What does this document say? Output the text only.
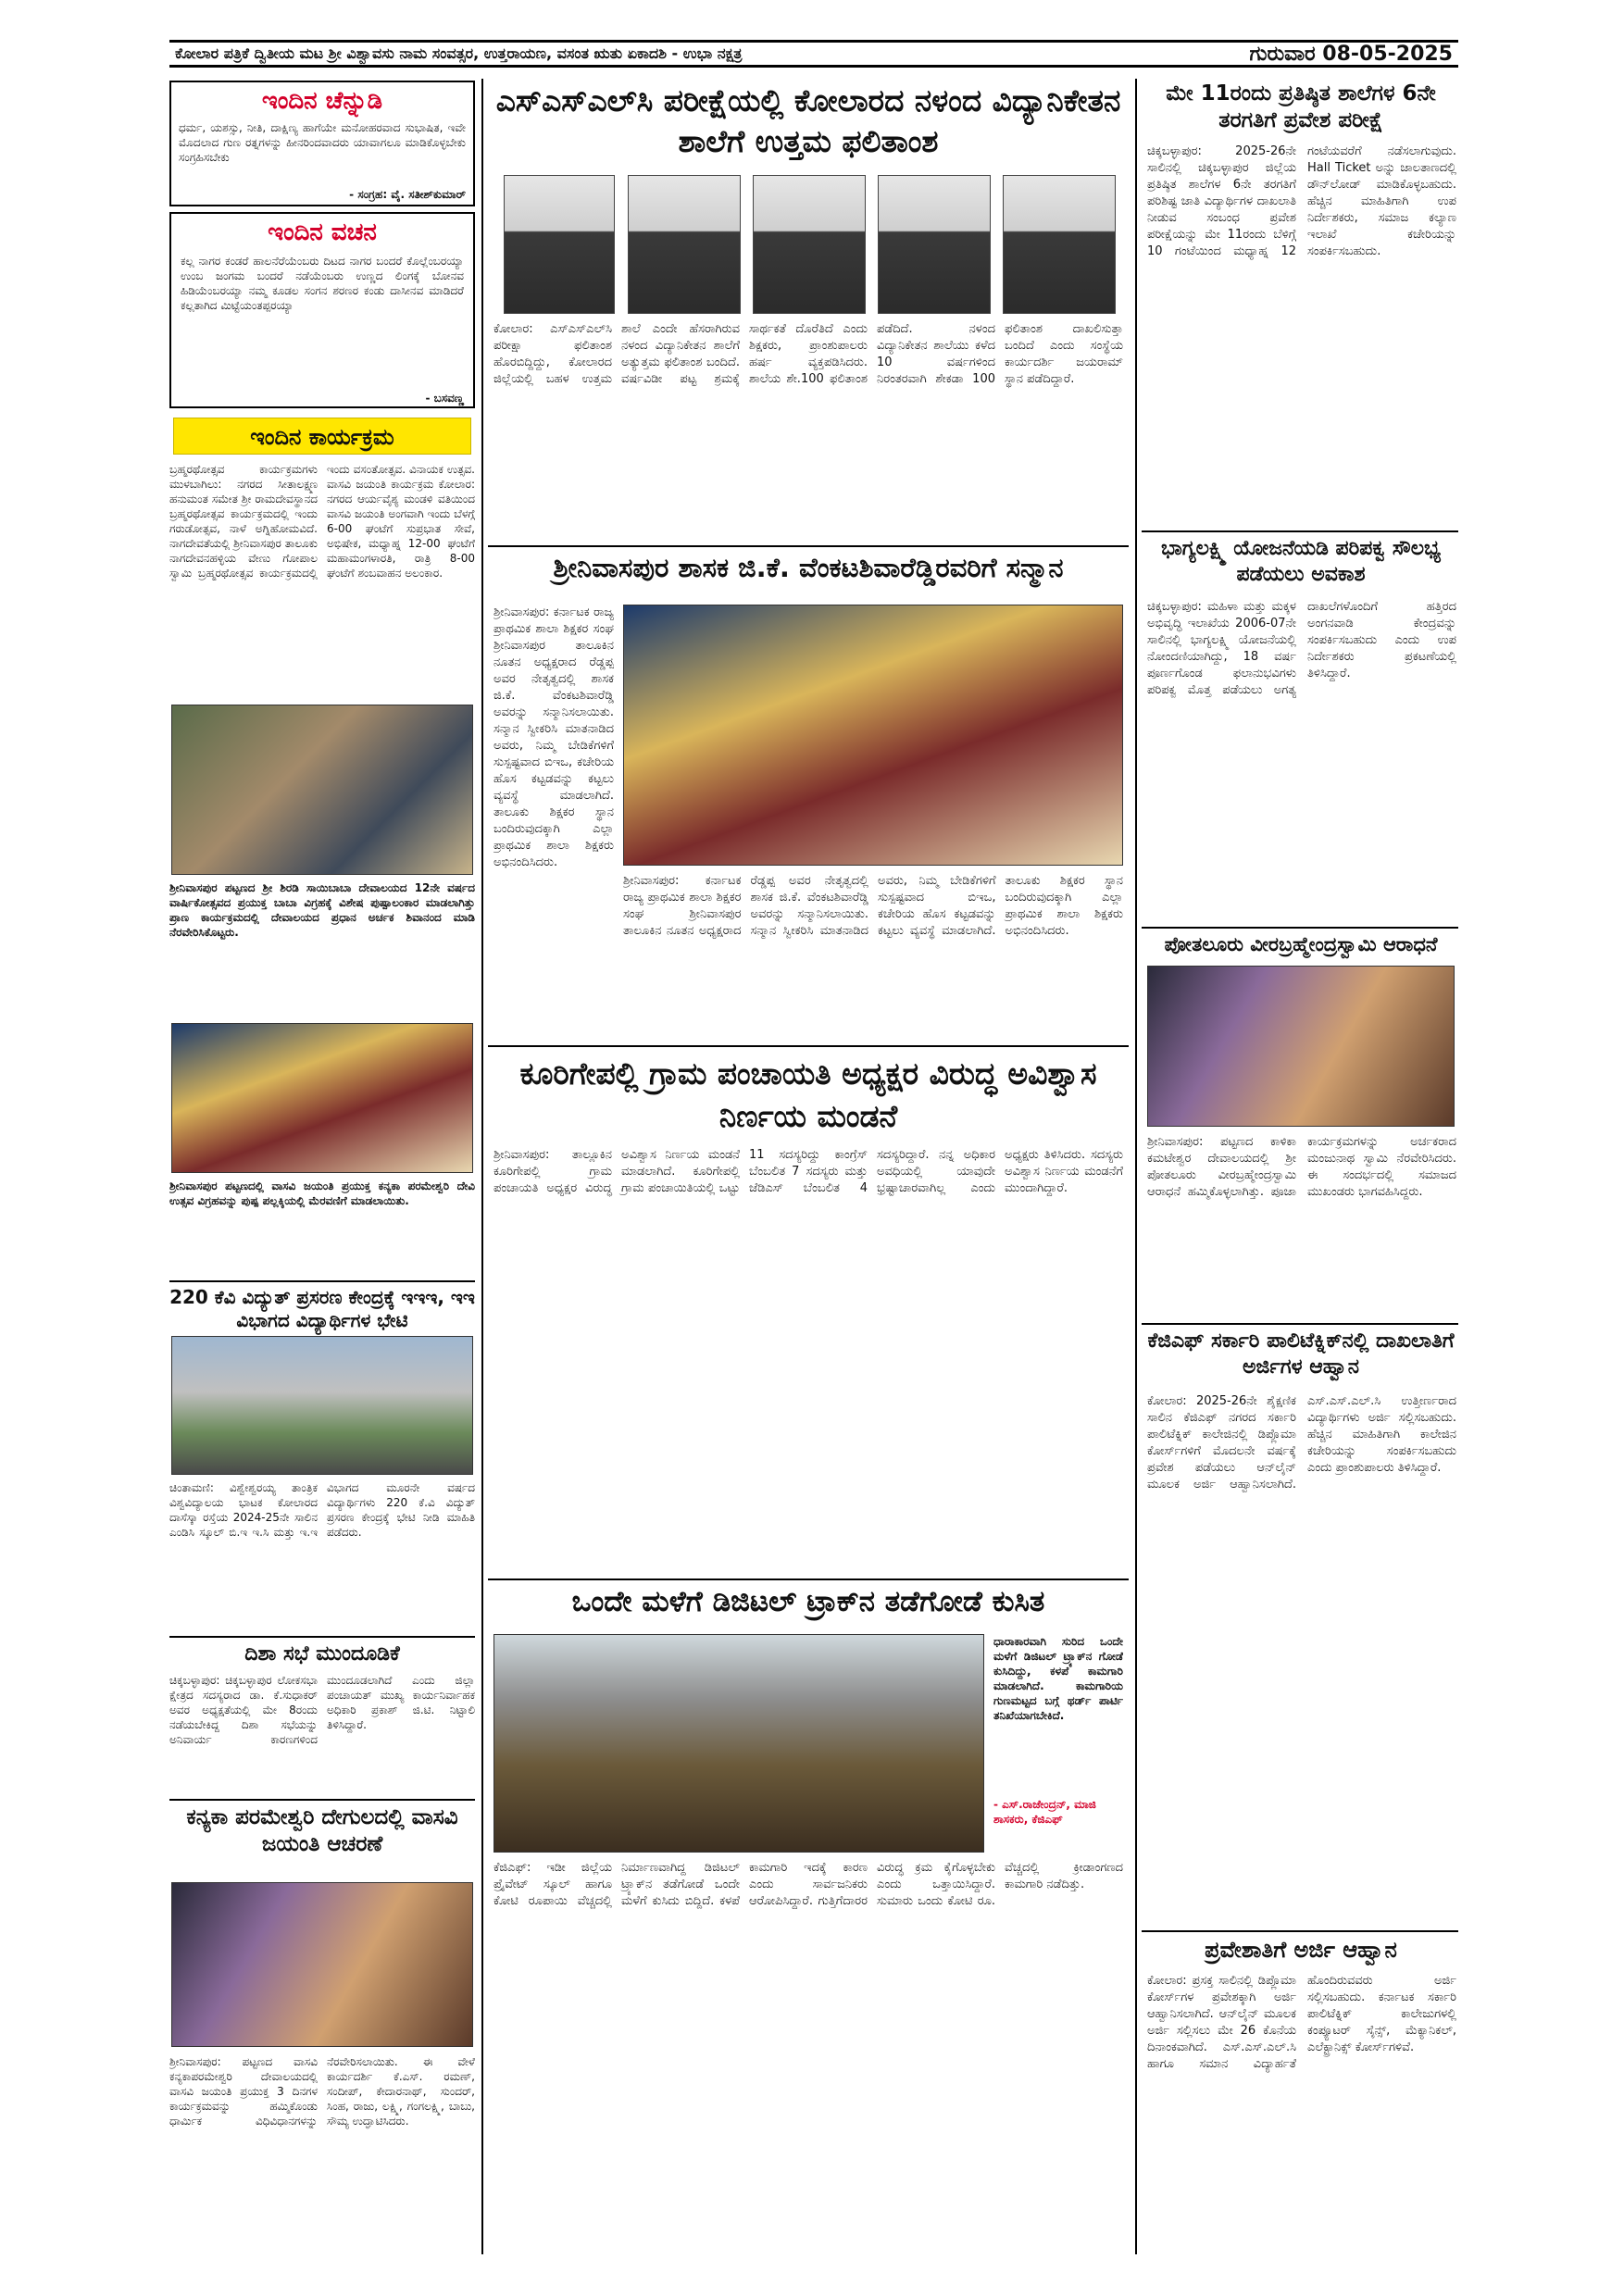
ಕೋಲಾರ ಪತ್ರಿಕೆ ದ್ವಿತೀಯ ಮಟ ಶ್ರೀ ವಿಶ್ವಾವಸು ನಾಮ ಸಂವತ್ಸರ, ಉತ್ತರಾಯಣ, ವಸಂತ ಋತು ಏಕಾದಶಿ - ಉಭಾ ನಕ್ಷತ್ರ	ಗುರುವಾರ 08-05-2025
ಇಂದಿನ ಚೆನ್ನುಡಿ
ಧರ್ಮ, ಯಶಸ್ಸು, ನೀತಿ, ದಾಕ್ಷಿಣ್ಯ ಹಾಗೆಯೇ ಮನೋಹರವಾದ ಸುಭಾಷಿತ, ಇವೇ ಮೊದಲಾದ ಗುಣ ರತ್ನಗಳನ್ನು ಹೀನರಿಂದವಾದರು ಯಾವಾಗಲೂ ಮಾಡಿಕೊಳ್ಳಬೇಕು ಸಂಗ್ರಹಿಸಬೇಕು
- ಸಂಗ್ರಹ: ವೈ. ಸತೀಶ್‌ಕುಮಾರ್
ಇಂದಿನ ವಚನ
ಕಲ್ಲ ನಾಗರ ಕಂಡರೆ ಹಾಲನೆರೆಯೆಂಬರು ದಿಟದ ನಾಗರ ಬಂದರೆ ಕೊಲ್ಲೆಂಬರಯ್ಯಾ ಉಂಬ ಜಂಗಮ ಬಂದರೆ ನಡೆಯೆಂಬರು ಉಣ್ಣದ ಲಿಂಗಕ್ಕೆ ಬೋನವ ಹಿಡಿಯೆಂಬರಯ್ಯಾ ನಮ್ಮ ಕೂಡಲ ಸಂಗನ ಶರಣರ ಕಂಡು ದಾಸೀನವ ಮಾಡಿದರೆ ಕಲ್ಲತಾಗಿದ ಮಿಟ್ಟೆಯಂತಪ್ಪರಯ್ಯಾ
- ಬಸವಣ್ಣ
ಇಂದಿನ ಕಾರ್ಯಕ್ರಮ
ಬ್ರಹ್ಮರಥೋತ್ಸವ ಕಾರ್ಯಕ್ರಮಗಳು ಮುಳಬಾಗಿಲು: ನಗರದ ಸೀತಾಲಕ್ಷ್ಮಣ ಹನುಮಂತ ಸಮೇತ ಶ್ರೀ ರಾಮದೇವಸ್ಥಾನದ ಬ್ರಹ್ಮರಥೋತ್ಸವ ಕಾರ್ಯಕ್ರಮದಲ್ಲಿ ಇಂದು ಗರುಡೋತ್ಸವ, ನಾಳೆ ಅಗ್ನಿಹೋಮವಿದೆ. ನಾಗದೇವತೆಯಲ್ಲಿ ಶ್ರೀನಿವಾಸಪುರ ತಾಲೂಕು ನಾಗದೇವನಹಳ್ಳಿಯ ವೇಣು ಗೋಪಾಲ ಸ್ವಾಮಿ ಬ್ರಹ್ಮರಥೋತ್ಸವ ಕಾರ್ಯಕ್ರಮದಲ್ಲಿ ಇಂದು ವಸಂತೋತ್ಸವ. ವಿನಾಯಕ ಉತ್ಸವ. ವಾಸವಿ ಜಯಂತಿ ಕಾರ್ಯಕ್ರಮ ಕೋಲಾರ: ನಗರದ ಆರ್ಯವೈಶ್ಯ ಮಂಡಳಿ ವತಿಯಿಂದ ವಾಸವಿ ಜಯಂತಿ ಅಂಗವಾಗಿ ಇಂದು ಬೆಳಗ್ಗೆ 6-00 ಘಂಟೆಗೆ ಸುಪ್ರಭಾತ ಸೇವೆ, ಅಭಿಷೇಕ, ಮಧ್ಯಾಹ್ನ 12-00 ಘಂಟೆಗೆ ಮಹಾಮಂಗಳಾರತಿ, ರಾತ್ರಿ 8-00 ಘಂಟೆಗೆ ಶಂಬವಾಹನ ಅಲಂಕಾರ.
ಶ್ರೀನಿವಾಸಪುರ ಪಟ್ಟಣದ ಶ್ರೀ ಶಿರಡಿ ಸಾಯಿಬಾಬಾ ದೇವಾಲಯದ 12ನೇ ವರ್ಷದ ವಾರ್ಷಿಕೋತ್ಸವದ ಪ್ರಯುಕ್ತ ಬಾಬಾ ವಿಗ್ರಹಕ್ಕೆ ವಿಶೇಷ ಪುಷ್ಪಾಲಂಕಾರ ಮಾಡಲಾಗಿತ್ತು ಪ್ರಾಣ ಕಾರ್ಯಕ್ರಮದಲ್ಲಿ ದೇವಾಲಯದ ಪ್ರಧಾನ ಅರ್ಚಕ ಶಿವಾನಂದ ಮಾಡಿ ನೆರವೇರಿಸಿಕೊಟ್ಟರು.
ಶ್ರೀನಿವಾಸಪುರ ಪಟ್ಟಣದಲ್ಲಿ ವಾಸವಿ ಜಯಂತಿ ಪ್ರಯುಕ್ತ ಕನ್ಯಕಾ ಪರಮೇಶ್ವರಿ ದೇವಿ ಉತ್ಸವ ವಿಗ್ರಹವನ್ನು ಪುಷ್ಪ ಪಲ್ಲಕ್ಕಿಯಲ್ಲಿ ಮೆರವಣಿಗೆ ಮಾಡಲಾಯಿತು.
220 ಕೆವಿ ವಿದ್ಯುತ್ ಪ್ರಸರಣ ಕೇಂದ್ರಕ್ಕೆ ಇಇಇ, ಇಇ ವಿಭಾಗದ ವಿದ್ಯಾರ್ಥಿಗಳ ಭೇಟಿ
ಚಿಂತಾಮಣಿ: ವಿಶ್ವೇಶ್ವರಯ್ಯ ತಾಂತ್ರಿಕ ವಿಶ್ವವಿದ್ಯಾಲಯ ಭಾಟಕ ಕೋಲಾರದ ದಾಸೆಸ್ಕಾ ರಸ್ತೆಯ 2024-25ನೇ ಸಾಲಿನ ಎಂಡಿಸಿ ಸ್ಕೂಲ್ ಬಿ.ಇ ಇ.ಸಿ ಮತ್ತು ಇ.ಇ ವಿಭಾಗದ ಮೂರನೇ ವರ್ಷದ ವಿದ್ಯಾರ್ಥಿಗಳು 220 ಕೆ.ವಿ ವಿದ್ಯುತ್ ಪ್ರಸರಣ ಕೇಂದ್ರಕ್ಕೆ ಭೇಟಿ ನೀಡಿ ಮಾಹಿತಿ ಪಡೆದರು.
ದಿಶಾ ಸಭೆ ಮುಂದೂಡಿಕೆ
ಚಿಕ್ಕಬಳ್ಳಾಪುರ: ಚಿಕ್ಕಬಳ್ಳಾಪುರ ಲೋಕಸಭಾ ಕ್ಷೇತ್ರದ ಸದಸ್ಯರಾದ ಡಾ. ಕೆ.ಸುಧಾಕರ್ ಅವರ ಅಧ್ಯಕ್ಷತೆಯಲ್ಲಿ ಮೇ 8ರಂದು ನಡೆಯಬೇಕಿದ್ದ ದಿಶಾ ಸಭೆಯನ್ನು ಅನಿವಾರ್ಯ ಕಾರಣಗಳಿಂದ ಮುಂದೂಡಲಾಗಿದೆ ಎಂದು ಜಿಲ್ಲಾ ಪಂಚಾಯತ್ ಮುಖ್ಯ ಕಾರ್ಯನಿರ್ವಾಹಕ ಅಧಿಕಾರಿ ಪ್ರಕಾಶ್ ಜಿ.ಟಿ. ನಿಟ್ಟಾಲಿ ತಿಳಿಸಿದ್ದಾರೆ.
ಕನ್ಯಕಾ ಪರಮೇಶ್ವರಿ ದೇಗುಲದಲ್ಲಿ ವಾಸವಿ ಜಯಂತಿ ಆಚರಣೆ
ಶ್ರೀನಿವಾಸಪುರ: ಪಟ್ಟಣದ ವಾಸವಿ ಕನ್ಯಕಾಪರಮೇಶ್ವರಿ ದೇವಾಲಯದಲ್ಲಿ ವಾಸವಿ ಜಯಂತಿ ಪ್ರಯುಕ್ತ 3 ದಿನಗಳ ಕಾರ್ಯಕ್ರಮವನ್ನು ಹಮ್ಮಿಕೊಂಡು ಧಾರ್ಮಿಕ ವಿಧಿವಿಧಾನಗಳನ್ನು ನೆರವೇರಿಸಲಾಯಿತು. ಈ ವೇಳೆ ಕಾರ್ಯದರ್ಶಿ ಕೆ.ಎಸ್. ರಮಣ್, ಸಂದೀಪ್, ಕೇದಾರನಾಥ್, ಸುಂದರ್, ಸಿಂಹ, ರಾಜು, ಲಕ್ಷ್ಮಿ, ಗಂಗಲಕ್ಷ್ಮಿ, ಬಾಬು, ಸೌಮ್ಯ ಉದ್ಘಾಟಿಸಿದರು.
ಎಸ್‌ಎಸ್‌ಎಲ್‌ಸಿ ಪರೀಕ್ಷೆಯಲ್ಲಿ ಕೋಲಾರದ ನಳಂದ ವಿದ್ಯಾನಿಕೇತನ ಶಾಲೆಗೆ ಉತ್ತಮ ಫಲಿತಾಂಶ
ಕೋಲಾರ: ಎಸ್‌ಎಸ್‌ಎಲ್‌ಸಿ ಪರೀಕ್ಷಾ ಫಲಿತಾಂಶ ಹೊರಬಿದ್ದಿದ್ದು, ಕೋಲಾರದ ಜಿಲ್ಲೆಯಲ್ಲಿ ಬಹಳ ಉತ್ತಮ ಶಾಲೆ ಎಂದೇ ಹೆಸರಾಗಿರುವ ನಳಂದ ವಿದ್ಯಾನಿಕೇತನ ಶಾಲೆಗೆ ಅತ್ಯುತ್ತಮ ಫಲಿತಾಂಶ ಬಂದಿದೆ. ವರ್ಷವಿಡೀ ಪಟ್ಟ ಶ್ರಮಕ್ಕೆ ಸಾರ್ಥಕತೆ ದೊರೆತಿದೆ ಎಂದು ಶಿಕ್ಷಕರು, ಪ್ರಾಂಶುಪಾಲರು ಹರ್ಷ ವ್ಯಕ್ತಪಡಿಸಿದರು. ಶಾಲೆಯ ಶೇ.100 ಫಲಿತಾಂಶ ಪಡೆದಿದೆ. ನಳಂದ ವಿದ್ಯಾನಿಕೇತನ ಶಾಲೆಯು ಕಳೆದ 10 ವರ್ಷಗಳಿಂದ ನಿರಂತರವಾಗಿ ಶೇಕಡಾ 100 ಫಲಿತಾಂಶ ದಾಖಲಿಸುತ್ತಾ ಬಂದಿದೆ ಎಂದು ಸಂಸ್ಥೆಯ ಕಾರ್ಯದರ್ಶಿ ಜಯರಾಮ್ ಸ್ಥಾನ ಪಡೆದಿದ್ದಾರೆ.
ಶ್ರೀನಿವಾಸಪುರ ಶಾಸಕ ಜಿ.ಕೆ. ವೆಂಕಟಶಿವಾರೆಡ್ಡಿರವರಿಗೆ ಸನ್ಮಾನ
ಶ್ರೀನಿವಾಸಪುರ: ಕರ್ನಾಟಕ ರಾಜ್ಯ ಪ್ರಾಥಮಿಕ ಶಾಲಾ ಶಿಕ್ಷಕರ ಸಂಘ ಶ್ರೀನಿವಾಸಪುರ ತಾಲೂಕಿನ ನೂತನ ಅಧ್ಯಕ್ಷರಾದ ರೆಡ್ಡಪ್ಪ ಅವರ ನೇತೃತ್ವದಲ್ಲಿ ಶಾಸಕ ಜಿ.ಕೆ. ವೆಂಕಟಶಿವಾರೆಡ್ಡಿ ಅವರನ್ನು ಸನ್ಮಾನಿಸಲಾಯಿತು. ಸನ್ಮಾನ ಸ್ವೀಕರಿಸಿ ಮಾತನಾಡಿದ ಅವರು, ನಿಮ್ಮ ಬೇಡಿಕೆಗಳಿಗೆ ಸುಸ್ಪಷ್ಟವಾದ ಬಿಇಒ, ಕಚೇರಿಯ ಹೊಸ ಕಟ್ಟಡವನ್ನು ಕಟ್ಟಲು ವ್ಯವಸ್ಥೆ ಮಾಡಲಾಗಿದೆ. ತಾಲೂಕು ಶಿಕ್ಷಕರ ಸ್ಥಾನ ಬಂದಿರುವುದಕ್ಕಾಗಿ ಎಲ್ಲಾ ಪ್ರಾಥಮಿಕ ಶಾಲಾ ಶಿಕ್ಷಕರು ಅಭಿನಂದಿಸಿದರು.
ಶ್ರೀನಿವಾಸಪುರ: ಕರ್ನಾಟಕ ರಾಜ್ಯ ಪ್ರಾಥಮಿಕ ಶಾಲಾ ಶಿಕ್ಷಕರ ಸಂಘ ಶ್ರೀನಿವಾಸಪುರ ತಾಲೂಕಿನ ನೂತನ ಅಧ್ಯಕ್ಷರಾದ ರೆಡ್ಡಪ್ಪ ಅವರ ನೇತೃತ್ವದಲ್ಲಿ ಶಾಸಕ ಜಿ.ಕೆ. ವೆಂಕಟಶಿವಾರೆಡ್ಡಿ ಅವರನ್ನು ಸನ್ಮಾನಿಸಲಾಯಿತು. ಸನ್ಮಾನ ಸ್ವೀಕರಿಸಿ ಮಾತನಾಡಿದ ಅವರು, ನಿಮ್ಮ ಬೇಡಿಕೆಗಳಿಗೆ ಸುಸ್ಪಷ್ಟವಾದ ಬಿಇಒ, ಕಚೇರಿಯ ಹೊಸ ಕಟ್ಟಡವನ್ನು ಕಟ್ಟಲು ವ್ಯವಸ್ಥೆ ಮಾಡಲಾಗಿದೆ. ತಾಲೂಕು ಶಿಕ್ಷಕರ ಸ್ಥಾನ ಬಂದಿರುವುದಕ್ಕಾಗಿ ಎಲ್ಲಾ ಪ್ರಾಥಮಿಕ ಶಾಲಾ ಶಿಕ್ಷಕರು ಅಭಿನಂದಿಸಿದರು.
ಕೂರಿಗೇಪಲ್ಲಿ ಗ್ರಾಮ ಪಂಚಾಯತಿ ಅಧ್ಯಕ್ಷರ ವಿರುದ್ಧ ಅವಿಶ್ವಾಸ ನಿರ್ಣಯ ಮಂಡನೆ
ಶ್ರೀನಿವಾಸಪುರ: ತಾಲ್ಲೂಕಿನ ಕೂರಿಗೇಪಲ್ಲಿ ಗ್ರಾಮ ಪಂಚಾಯತಿ ಅಧ್ಯಕ್ಷರ ವಿರುದ್ಧ ಅವಿಶ್ವಾಸ ನಿರ್ಣಯ ಮಂಡನೆ ಮಾಡಲಾಗಿದೆ. ಕೂರಿಗೇಪಲ್ಲಿ ಗ್ರಾಮ ಪಂಚಾಯಿತಿಯಲ್ಲಿ ಒಟ್ಟು 11 ಸದಸ್ಯರಿದ್ದು ಕಾಂಗ್ರೆಸ್ ಬೆಂಬಲಿತ 7 ಸದಸ್ಯರು ಮತ್ತು ಜೆಡಿಎಸ್ ಬೆಂಬಲಿತ 4 ಸದಸ್ಯರಿದ್ದಾರೆ. ನನ್ನ ಅಧಿಕಾರ ಅವಧಿಯಲ್ಲಿ ಯಾವುದೇ ಭ್ರಷ್ಟಾಚಾರವಾಗಿಲ್ಲ ಎಂದು ಅಧ್ಯಕ್ಷರು ತಿಳಿಸಿದರು. ಸದಸ್ಯರು ಅವಿಶ್ವಾಸ ನಿರ್ಣಯ ಮಂಡನೆಗೆ ಮುಂದಾಗಿದ್ದಾರೆ.
ಒಂದೇ ಮಳೆಗೆ ಡಿಜಿಟಲ್ ಟ್ರಾಕ್‌ನ ತಡೆಗೋಡೆ ಕುಸಿತ
ಧಾರಾಕಾರವಾಗಿ ಸುರಿದ ಒಂದೇ ಮಳೆಗೆ ಡಿಜಿಟಲ್ ಟ್ರ್ಯಾಕ್‌ನ ಗೋಡೆ ಕುಸಿದಿದ್ದು, ಕಳಪೆ ಕಾಮಗಾರಿ ಮಾಡಲಾಗಿದೆ. ಕಾಮಗಾರಿಯ ಗುಣಮಟ್ಟದ ಬಗ್ಗೆ ಥರ್ಡ್ ಪಾರ್ಟಿ ತನಿಖೆಯಾಗಬೇಕಿದೆ.
- ಎಸ್.ರಾಜೇಂದ್ರನ್, ಮಾಜಿ ಶಾಸಕರು, ಕೆಜಿಎಫ್
ಕೆಜಿಎಫ್: ಇಡೀ ಜಿಲ್ಲೆಯ ಪ್ರೈವೇಟ್ ಸ್ಕೂಲ್ ಹಾಗೂ ಕೋಟಿ ರೂಪಾಯಿ ವೆಚ್ಚದಲ್ಲಿ ನಿರ್ಮಾಣವಾಗಿದ್ದ ಡಿಜಿಟಲ್ ಟ್ರ್ಯಾಕ್‌ನ ತಡೆಗೋಡೆ ಒಂದೇ ಮಳೆಗೆ ಕುಸಿದು ಬಿದ್ದಿದೆ. ಕಳಪೆ ಕಾಮಗಾರಿ ಇದಕ್ಕೆ ಕಾರಣ ಎಂದು ಸಾರ್ವಜನಿಕರು ಆರೋಪಿಸಿದ್ದಾರೆ. ಗುತ್ತಿಗೆದಾರರ ವಿರುದ್ಧ ಕ್ರಮ ಕೈಗೊಳ್ಳಬೇಕು ಎಂದು ಒತ್ತಾಯಿಸಿದ್ದಾರೆ. ಸುಮಾರು ಒಂದು ಕೋಟಿ ರೂ. ವೆಚ್ಚದಲ್ಲಿ ಕ್ರೀಡಾಂಗಣದ ಕಾಮಗಾರಿ ನಡೆದಿತ್ತು.
ಮೇ 11ರಂದು ಪ್ರತಿಷ್ಠಿತ ಶಾಲೆಗಳ 6ನೇ ತರಗತಿಗೆ ಪ್ರವೇಶ ಪರೀಕ್ಷೆ
ಚಿಕ್ಕಬಳ್ಳಾಪುರ: 2025-26ನೇ ಸಾಲಿನಲ್ಲಿ ಚಿಕ್ಕಬಳ್ಳಾಪುರ ಜಿಲ್ಲೆಯ ಪ್ರತಿಷ್ಠಿತ ಶಾಲೆಗಳ 6ನೇ ತರಗತಿಗೆ ಪರಿಶಿಷ್ಟ ಜಾತಿ ವಿದ್ಯಾರ್ಥಿಗಳ ದಾಖಲಾತಿ ನೀಡುವ ಸಂಬಂಧ ಪ್ರವೇಶ ಪರೀಕ್ಷೆಯನ್ನು ಮೇ 11ರಂದು ಬೆಳಿಗ್ಗೆ 10 ಗಂಟೆಯಿಂದ ಮಧ್ಯಾಹ್ನ 12 ಗಂಟೆಯವರೆಗೆ ನಡೆಸಲಾಗುವುದು. Hall Ticket ಅನ್ನು ಜಾಲತಾಣದಲ್ಲಿ ಡೌನ್‌ಲೋಡ್ ಮಾಡಿಕೊಳ್ಳಬಹುದು. ಹೆಚ್ಚಿನ ಮಾಹಿತಿಗಾಗಿ ಉಪ ನಿರ್ದೇಶಕರು, ಸಮಾಜ ಕಲ್ಯಾಣ ಇಲಾಖೆ ಕಚೇರಿಯನ್ನು ಸಂಪರ್ಕಿಸಬಹುದು.
ಭಾಗ್ಯಲಕ್ಷ್ಮಿ ಯೋಜನೆಯಡಿ ಪರಿಪಕ್ವ ಸೌಲಭ್ಯ ಪಡೆಯಲು ಅವಕಾಶ
ಚಿಕ್ಕಬಳ್ಳಾಪುರ: ಮಹಿಳಾ ಮತ್ತು ಮಕ್ಕಳ ಅಭಿವೃದ್ಧಿ ಇಲಾಖೆಯ 2006-07ನೇ ಸಾಲಿನಲ್ಲಿ ಭಾಗ್ಯಲಕ್ಷ್ಮಿ ಯೋಜನೆಯಲ್ಲಿ ನೋಂದಣಿಯಾಗಿದ್ದು, 18 ವರ್ಷ ಪೂರ್ಣಗೊಂಡ ಫಲಾನುಭವಿಗಳು ಪರಿಪಕ್ವ ಮೊತ್ತ ಪಡೆಯಲು ಅಗತ್ಯ ದಾಖಲೆಗಳೊಂದಿಗೆ ಹತ್ತಿರದ ಅಂಗನವಾಡಿ ಕೇಂದ್ರವನ್ನು ಸಂಪರ್ಕಿಸಬಹುದು ಎಂದು ಉಪ ನಿರ್ದೇಶಕರು ಪ್ರಕಟಣೆಯಲ್ಲಿ ತಿಳಿಸಿದ್ದಾರೆ.
ಪೋತಲೂರು ವೀರಬ್ರಹ್ಮೇಂದ್ರಸ್ವಾಮಿ ಆರಾಧನೆ
ಶ್ರೀನಿವಾಸಪುರ: ಪಟ್ಟಣದ ಕಾಳಿಕಾ ಕಮಟೇಶ್ವರ ದೇವಾಲಯದಲ್ಲಿ ಶ್ರೀ ಪೋತಲೂರು ವೀರಬ್ರಹ್ಮೇಂದ್ರಸ್ವಾಮಿ ಆರಾಧನೆ ಹಮ್ಮಿಕೊಳ್ಳಲಾಗಿತ್ತು. ಪೂಜಾ ಕಾರ್ಯಕ್ರಮಗಳನ್ನು ಅರ್ಚಕರಾದ ಮಂಜುನಾಥ ಸ್ವಾಮಿ ನೆರವೇರಿಸಿದರು. ಈ ಸಂದರ್ಭದಲ್ಲಿ ಸಮಾಜದ ಮುಖಂಡರು ಭಾಗವಹಿಸಿದ್ದರು.
ಕೆಜಿಎಫ್ ಸರ್ಕಾರಿ ಪಾಲಿಟೆಕ್ನಿಕ್‌ನಲ್ಲಿ ದಾಖಲಾತಿಗೆ ಅರ್ಜಿಗಳ ಆಹ್ವಾನ
ಕೋಲಾರ: 2025-26ನೇ ಶೈಕ್ಷಣಿಕ ಸಾಲಿನ ಕೆಜಿಎಫ್ ನಗರದ ಸರ್ಕಾರಿ ಪಾಲಿಟೆಕ್ನಿಕ್ ಕಾಲೇಜಿನಲ್ಲಿ ಡಿಪ್ಲೊಮಾ ಕೋರ್ಸ್‌ಗಳಿಗೆ ಮೊದಲನೇ ವರ್ಷಕ್ಕೆ ಪ್ರವೇಶ ಪಡೆಯಲು ಆನ್‌ಲೈನ್ ಮೂಲಕ ಅರ್ಜಿ ಆಹ್ವಾನಿಸಲಾಗಿದೆ. ಎಸ್.ಎಸ್.ಎಲ್.ಸಿ ಉತ್ತೀರ್ಣರಾದ ವಿದ್ಯಾರ್ಥಿಗಳು ಅರ್ಜಿ ಸಲ್ಲಿಸಬಹುದು. ಹೆಚ್ಚಿನ ಮಾಹಿತಿಗಾಗಿ ಕಾಲೇಜಿನ ಕಚೇರಿಯನ್ನು ಸಂಪರ್ಕಿಸಬಹುದು ಎಂದು ಪ್ರಾಂಶುಪಾಲರು ತಿಳಿಸಿದ್ದಾರೆ.
ಪ್ರವೇಶಾತಿಗೆ ಅರ್ಜಿ ಆಹ್ವಾನ
ಕೋಲಾರ: ಪ್ರಸಕ್ತ ಸಾಲಿನಲ್ಲಿ ಡಿಪ್ಲೊಮಾ ಕೋರ್ಸ್‌ಗಳ ಪ್ರವೇಶಕ್ಕಾಗಿ ಅರ್ಜಿ ಆಹ್ವಾನಿಸಲಾಗಿದೆ. ಆನ್‌ಲೈನ್ ಮೂಲಕ ಅರ್ಜಿ ಸಲ್ಲಿಸಲು ಮೇ 26 ಕೊನೆಯ ದಿನಾಂಕವಾಗಿದೆ. ಎಸ್.ಎಸ್.ಎಲ್.ಸಿ ಹಾಗೂ ಸಮಾನ ವಿದ್ಯಾರ್ಹತೆ ಹೊಂದಿರುವವರು ಅರ್ಜಿ ಸಲ್ಲಿಸಬಹುದು. ಕರ್ನಾಟಕ ಸರ್ಕಾರಿ ಪಾಲಿಟೆಕ್ನಿಕ್ ಕಾಲೇಜುಗಳಲ್ಲಿ ಕಂಪ್ಯೂಟರ್ ಸೈನ್ಸ್, ಮೆಕ್ಯಾನಿಕಲ್, ಎಲೆಕ್ಟ್ರಾನಿಕ್ಸ್ ಕೋರ್ಸ್‌ಗಳಿವೆ.
